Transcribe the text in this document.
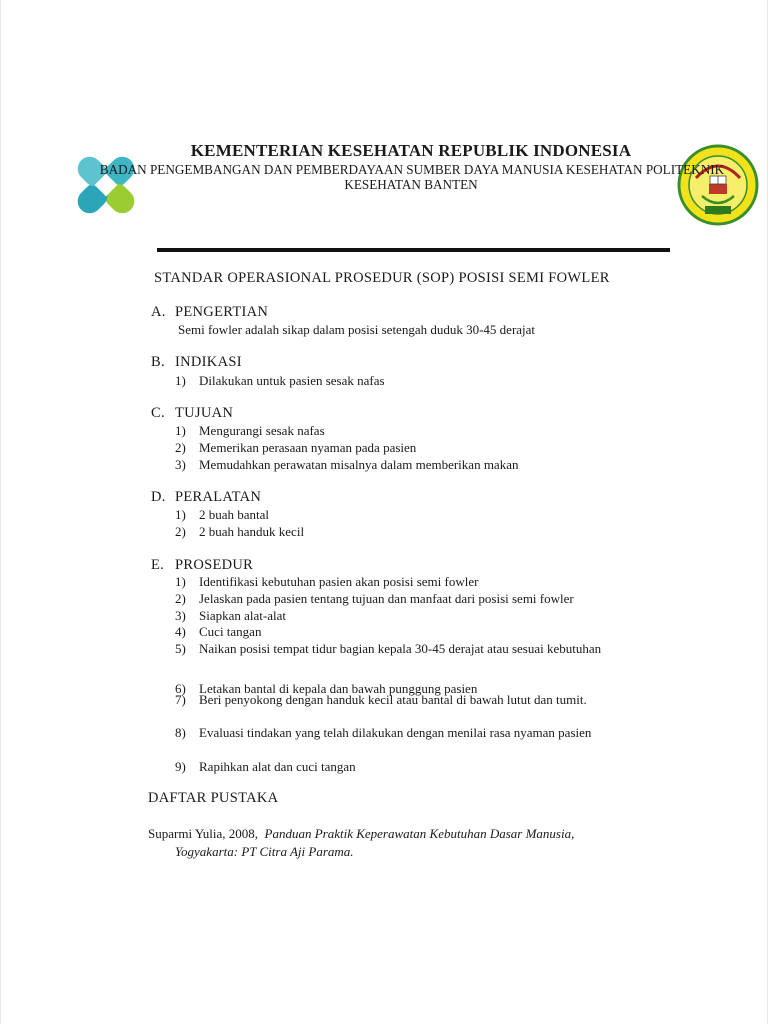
KEMENTERIAN KESEHATAN REPUBLIK INDONESIA
BADAN PENGEMBANGAN DAN PEMBERDAYAAN SUMBER DAYA MANUSIA KESEHATAN POLITEKNIK
KESEHATAN BANTEN
STANDAR OPERASIONAL PROSEDUR (SOP) POSISI SEMI FOWLER
A. PENGERTIAN
Semi fowler adalah sikap dalam posisi setengah duduk 30-45 derajat
B. INDIKASI
1)	Dilakukan untuk pasien sesak nafas
C. TUJUAN
1)	Mengurangi sesak nafas
2)	Memerikan perasaan nyaman pada pasien
3)	Memudahkan perawatan misalnya dalam memberikan makan
D. PERALATAN
1)	2 buah bantal
2)	2 buah handuk kecil
E. PROSEDUR
1)	Identifikasi kebutuhan pasien akan posisi semi fowler
2)	Jelaskan pada pasien tentang tujuan dan manfaat dari posisi semi fowler
3)	Siapkan alat-alat
4)	Cuci tangan
5)	Naikan posisi tempat tidur bagian kepala 30-45 derajat atau sesuai kebutuhan
6)	Letakan bantal di kepala dan bawah punggung pasien
7)	Beri penyokong dengan handuk kecil atau bantal di bawah lutut dan tumit.
8)	Evaluasi tindakan yang telah dilakukan dengan menilai rasa nyaman pasien
9)	Rapihkan alat dan cuci tangan
DAFTAR PUSTAKA
Suparmi Yulia, 2008, Panduan Praktik Keperawatan Kebutuhan Dasar Manusia,
Yogyakarta: PT Citra Aji Parama.
